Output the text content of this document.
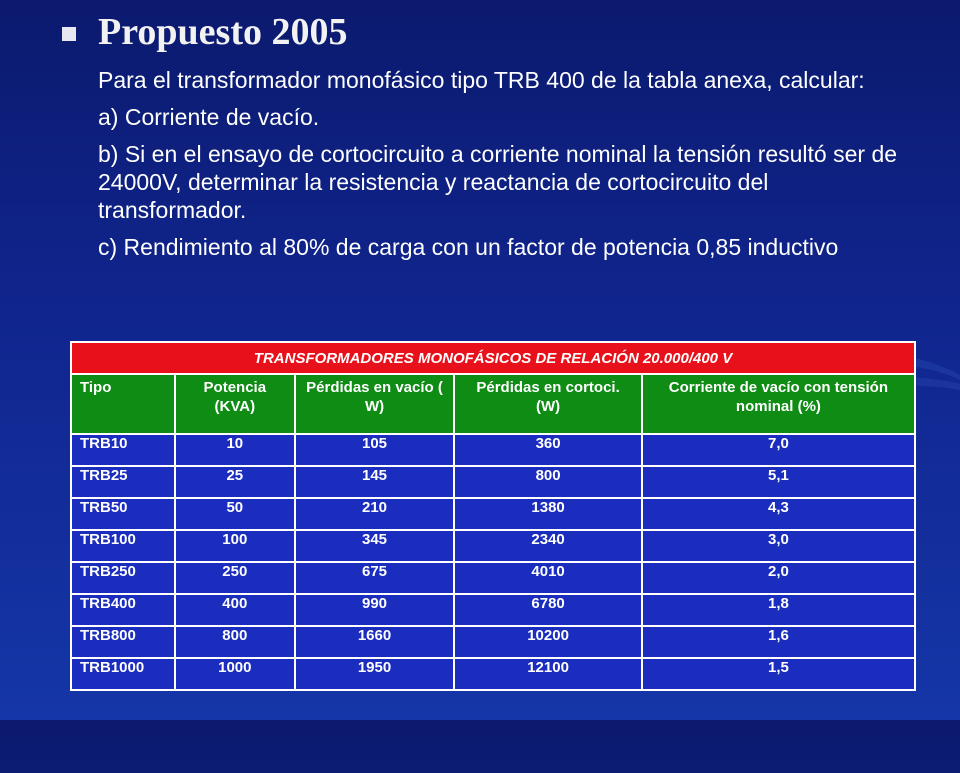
Propuesto 2005

Para el transformador monofásico tipo TRB 400 de la tabla anexa, calcular:

a) Corriente de vacío.

b) Si en el ensayo de cortocircuito a corriente nominal la tensión resultó ser de 24000V, determinar la resistencia y reactancia de cortocircuito del transformador.

c) Rendimiento al 80% de carga con un factor de potencia 0,85 inductivo

TRANSFORMADORES MONOFÁSICOS DE RELACIÓN 20.000/400 V				
Tipo	Potencia (KVA)	Pérdidas en vacío ( W)	Pérdidas en cortoci. (W)	Corriente de vacío con tensión nominal (%)
TRB10	10	105	360	7,0
TRB25	25	145	800	5,1
TRB50	50	210	1380	4,3
TRB100	100	345	2340	3,0
TRB250	250	675	4010	2,0
TRB400	400	990	6780	1,8
TRB800	800	1660	10200	1,6
TRB1000	1000	1950	12100	1,5
